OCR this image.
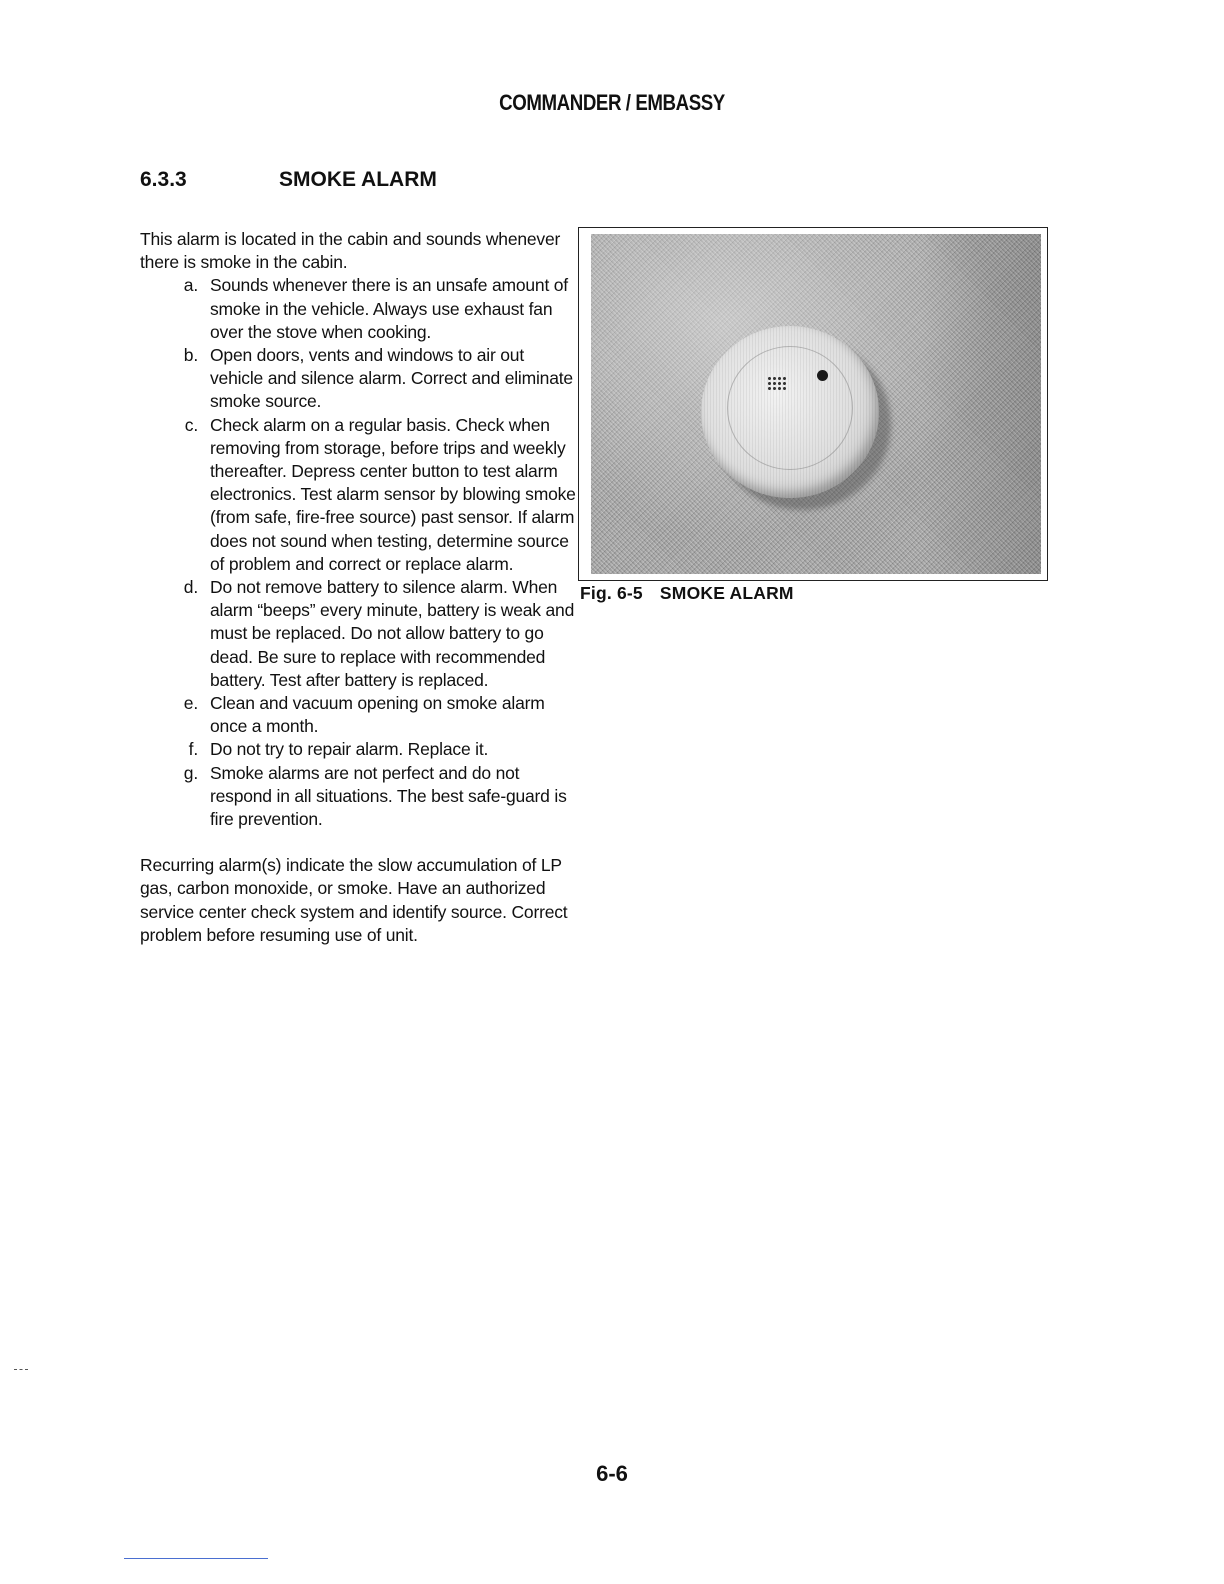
COMMANDER / EMBASSY
6.3.3	SMOKE ALARM

This alarm is located in the cabin and sounds whenever there is smoke in the cabin.

a. Sounds whenever there is an unsafe amount of smoke in the vehicle. Always use exhaust fan over the stove when cooking.
b. Open doors, vents and windows to air out vehicle and silence alarm. Correct and eliminate smoke source.
c. Check alarm on a regular basis. Check when removing from storage, before trips and weekly thereafter. Depress center button to test alarm electronics. Test alarm sensor by blowing smoke (from safe, fire-free source) past sensor. If alarm does not sound when testing, determine source of problem and correct or replace alarm.
d. Do not remove battery to silence alarm. When alarm “beeps” every minute, battery is weak and must be replaced. Do not allow battery to go dead. Be sure to replace with recommended battery. Test after battery is replaced.
e. Clean and vacuum opening on smoke alarm once a month.
f. Do not try to repair alarm. Replace it.
g. Smoke alarms are not perfect and do not respond in all situations. The best safe-guard is fire prevention.

Recurring alarm(s) indicate the slow accumulation of LP gas, carbon monoxide, or smoke. Have an authorized service center check system and identify source. Correct problem before resuming use of unit.

Fig. 6-5 SMOKE ALARM
6-6
